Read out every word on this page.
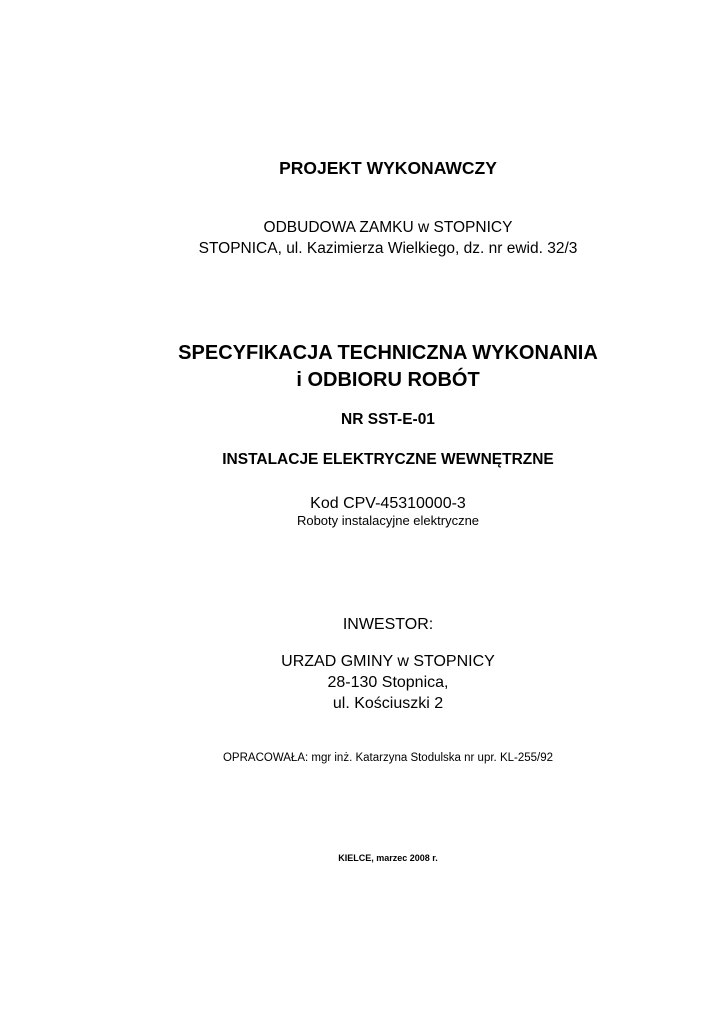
PROJEKT WYKONAWCZY
ODBUDOWA ZAMKU w STOPNICY
STOPNICA, ul. Kazimierza Wielkiego, dz. nr ewid. 32/3
SPECYFIKACJA TECHNICZNA WYKONANIA
i ODBIORU ROBÓT
NR SST-E-01
INSTALACJE ELEKTRYCZNE WEWNĘTRZNE
Kod CPV-45310000-3
Roboty instalacyjne elektryczne
INWESTOR:
URZAD GMINY w STOPNICY
28-130 Stopnica,
ul. Kościuszki 2
OPRACOWAŁA: mgr inż. Katarzyna Stodulska nr upr. KL-255/92
KIELCE, marzec 2008 r.
